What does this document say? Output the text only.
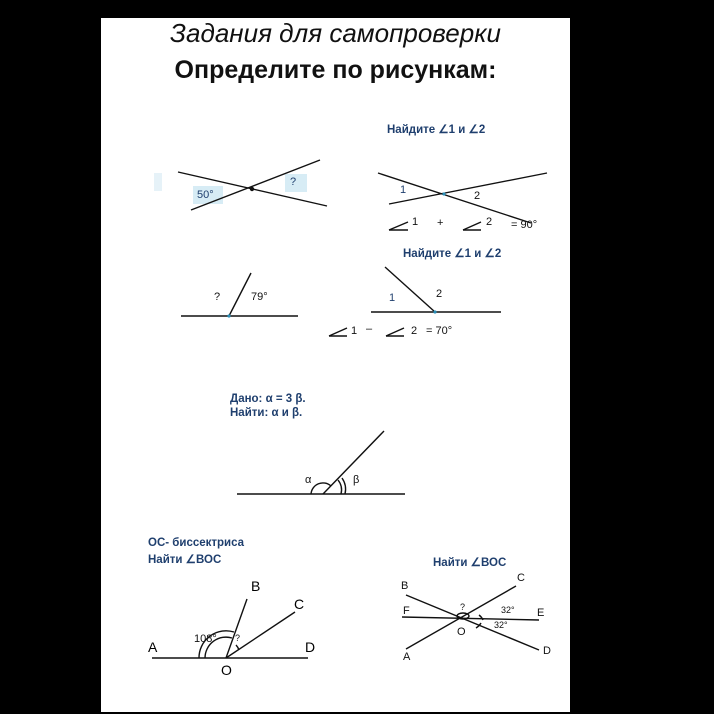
Задания для самопроверки
Определите по рисункам:
50°
?
Найдите ∠1 и ∠2
1	2
1 +	2 = 90°
?	79°
Найдите ∠1 и ∠2
1	2
1 –	2 = 70°
Дано: α = 3 β.
Найти: α и β.
α	β
ОС- биссектриса
Найти ∠ВОС
A
B
C
D
O
108° ?
Найти ∠ВОС
B
C
F	E
A	D
O
?	32°
32°
